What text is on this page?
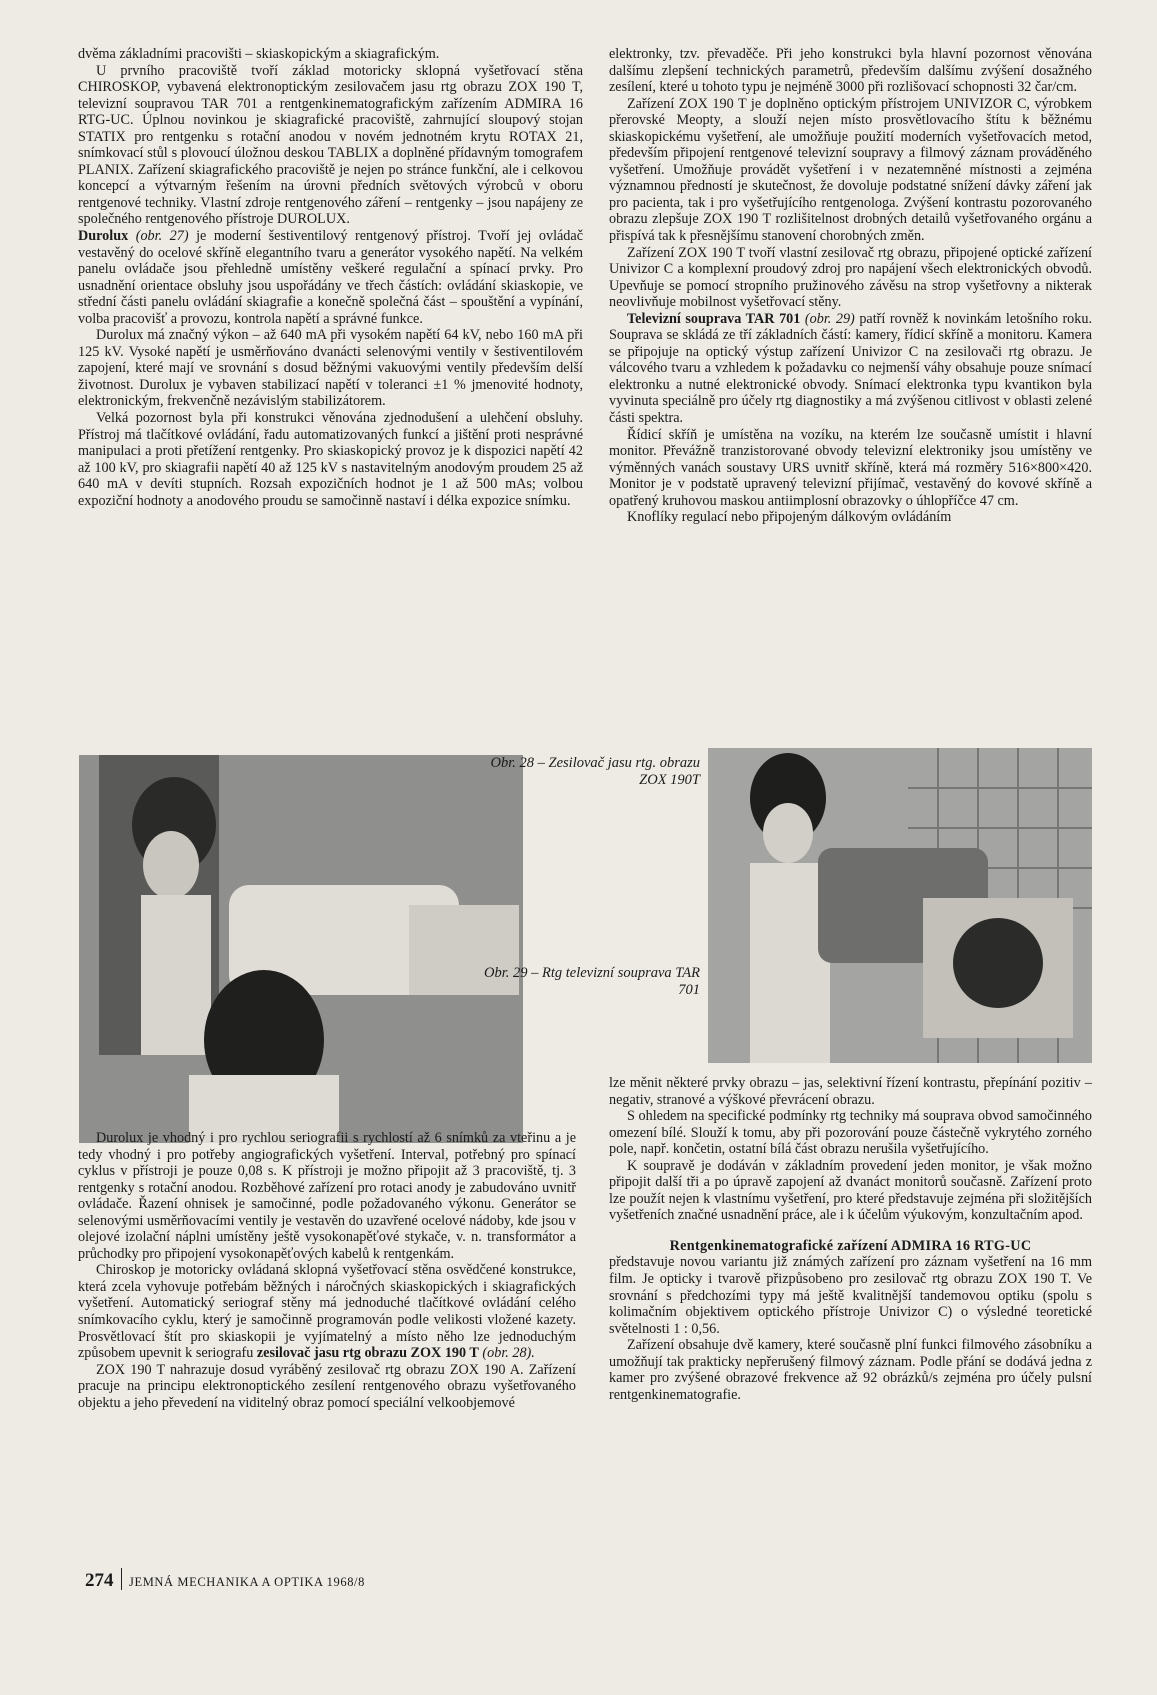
dvěma základními pracovišti – skiaskopickým a skiagrafickým.

U prvního pracoviště tvoří základ motoricky sklopná vyšetřovací stěna CHIROSKOP, vybavená elektronoptickým zesilovačem jasu rtg obrazu ZOX 190 T, televizní soupravou TAR 701 a rentgenkinematografickým zařízením ADMIRA 16 RTG-UC. Úplnou novinkou je skiagrafické pracoviště, zahrnující sloupový stojan STATIX pro rentgenku s rotační anodou v novém jednotném krytu ROTAX 21, snímkovací stůl s plovoucí úložnou deskou TABLIX a doplněné přídavným tomografem PLANIX. Zařízení skiagrafického pracoviště je nejen po stránce funkční, ale i celkovou koncepcí a výtvarným řešením na úrovni předních světových výrobců v oboru rentgenové techniky. Vlastní zdroje rentgenového záření – rentgenky – jsou napájeny ze společného rentgenového přístroje DUROLUX.

Durolux (obr. 27) je moderní šestiventilový rentgenový přístroj. Tvoří jej ovládač vestavěný do ocelové skříně elegantního tvaru a generátor vysokého napětí. Na velkém panelu ovládače jsou přehledně umístěny veškeré regulační a spínací prvky. Pro usnadnění orientace obsluhy jsou uspořádány ve třech částích: ovládání skiaskopie, ve střední části panelu ovládání skiagrafie a konečně společná část – spouštění a vypínání, volba pracovišť a provozu, kontrola napětí a správné funkce.

Durolux má značný výkon – až 640 mA při vysokém napětí 64 kV, nebo 160 mA při 125 kV. Vysoké napětí je usměrňováno dvanácti selenovými ventily v šestiventilovém zapojení, které mají ve srovnání s dosud běžnými vakuovými ventily především delší životnost. Durolux je vybaven stabilizací napětí v toleranci ±1 % jmenovité hodnoty, elektronickým, frekvenčně nezávislým stabilizátorem.

Velká pozornost byla při konstrukci věnována zjednodušení a ulehčení obsluhy. Přístroj má tlačítkové ovládání, řadu automatizovaných funkcí a jištění proti nesprávné manipulaci a proti přetížení rentgenky. Pro skiaskopický provoz je k dispozici napětí 42 až 100 kV, pro skiagrafii napětí 40 až 125 kV s nastavitelným anodovým proudem 25 až 640 mA v devíti stupních. Rozsah expozičních hodnot je 1 až 500 mAs; volbou expoziční hodnoty a anodového proudu se samočinně nastaví i délka expozice snímku.

elektronky, tzv. převaděče. Při jeho konstrukci byla hlavní pozornost věnována dalšímu zlepšení technických parametrů, především dalšímu zvýšení dosažného zesílení, které u tohoto typu je nejméně 3000 při rozlišovací schopnosti 32 čar/cm.

Zařízení ZOX 190 T je doplněno optickým přístrojem UNIVIZOR C, výrobkem přerovské Meopty, a slouží nejen místo prosvětlovacího štítu k běžnému skiaskopickému vyšetření, ale umožňuje použití moderních vyšetřovacích metod, především připojení rentgenové televizní soupravy a filmový záznam prováděného vyšetření. Umožňuje provádět vyšetření i v nezatemněné místnosti a zejména významnou předností je skutečnost, že dovoluje podstatné snížení dávky záření jak pro pacienta, tak i pro vyšetřujícího rentgenologa. Zvýšení kontrastu pozorovaného obrazu zlepšuje ZOX 190 T rozlišitelnost drobných detailů vyšetřovaného orgánu a přispívá tak k přesnějšímu stanovení chorobných změn.

Zařízení ZOX 190 T tvoří vlastní zesilovač rtg obrazu, připojené optické zařízení Univizor C a komplexní proudový zdroj pro napájení všech elektronických obvodů. Upevňuje se pomocí stropního pružinového závěsu na strop vyšetřovny a nikterak neovlivňuje mobilnost vyšetřovací stěny.

Televizní souprava TAR 701 (obr. 29) patří rovněž k novinkám letošního roku. Souprava se skládá ze tří základních částí: kamery, řídicí skříně a monitoru. Kamera se připojuje na optický výstup zařízení Univizor C na zesilovači rtg obrazu. Je válcového tvaru a vzhledem k požadavku co nejmenší váhy obsahuje pouze snímací elektronku a nutné elektronické obvody. Snímací elektronka typu kvantikon byla vyvinuta speciálně pro účely rtg diagnostiky a má zvýšenou citlivost v oblasti zelené části spektra.

Řídicí skříň je umístěna na vozíku, na kterém lze současně umístit i hlavní monitor. Převážně tranzistorované obvody televizní elektroniky jsou umístěny ve výměnných vanách soustavy URS uvnitř skříně, která má rozměry 516×800×420. Monitor je v podstatě upravený televizní přijímač, vestavěný do kovové skříně a opatřený kruhovou maskou antiimplosní obrazovky o úhlopříčce 47 cm.

Knoflíky regulací nebo připojeným dálkovým ovládáním

Obr. 28 – Zesilovač jasu rtg. obrazu ZOX 190T
Obr. 29 – Rtg televizní souprava TAR 701

Durolux je vhodný i pro rychlou seriografii s rychlostí až 6 snímků za vteřinu a je tedy vhodný i pro potřeby angiografických vyšetření. Interval, potřebný pro spínací cyklus v přístroji je pouze 0,08 s. K přístroji je možno připojit až 3 pracoviště, tj. 3 rentgenky s rotační anodou. Rozběhové zařízení pro rotaci anody je zabudováno uvnitř ovládače. Řazení ohnisek je samočinné, podle požadovaného výkonu. Generátor se selenovými usměrňovacími ventily je vestavěn do uzavřené ocelové nádoby, kde jsou v olejové izolační náplni umístěny ještě vysokonapěťové stykače, v. n. transformátor a průchodky pro připojení vysokonapěťových kabelů k rentgenkám.

Chiroskop je motoricky ovládaná sklopná vyšetřovací stěna osvědčené konstrukce, která zcela vyhovuje potřebám běžných i náročných skiaskopických i skiagrafických vyšetření. Automatický seriograf stěny má jednoduché tlačítkové ovládání celého snímkovacího cyklu, který je samočinně programován podle velikosti vložené kazety. Prosvětlovací štít pro skiaskopii je vyjímatelný a místo něho lze jednoduchým způsobem upevnit k seriografu zesilovač jasu rtg obrazu ZOX 190 T (obr. 28).

ZOX 190 T nahrazuje dosud vyráběný zesilovač rtg obrazu ZOX 190 A. Zařízení pracuje na principu elektronoptického zesílení rentgenového obrazu vyšetřovaného objektu a jeho převedení na viditelný obraz pomocí speciální velkoobjemové

lze měnit některé prvky obrazu – jas, selektivní řízení kontrastu, přepínání pozitiv – negativ, stranové a výškové převrácení obrazu.

S ohledem na specifické podmínky rtg techniky má souprava obvod samočinného omezení bílé. Slouží k tomu, aby při pozorování pouze částečně vykrytého zorného pole, např. končetin, ostatní bílá část obrazu nerušila vyšetřujícího.

K soupravě je dodáván v základním provedení jeden monitor, je však možno připojit další tři a po úpravě zapojení až dvanáct monitorů současně. Zařízení proto lze použít nejen k vlastnímu vyšetření, pro které představuje zejména při složitějších vyšetřeních značné usnadnění práce, ale i k účelům výukovým, konzultačním apod.

Rentgenkinematografické zařízení ADMIRA 16 RTG-UC

představuje novou variantu již známých zařízení pro záznam vyšetření na 16 mm film. Je opticky i tvarově přizpůsobeno pro zesilovač rtg obrazu ZOX 190 T. Ve srovnání s předchozími typy má ještě kvalitnější tandemovou optiku (spolu s kolimačním objektivem optického přístroje Univizor C) o výsledné teoretické světelnosti 1 : 0,56.

Zařízení obsahuje dvě kamery, které současně plní funkci filmového zásobníku a umožňují tak prakticky nepřerušený filmový záznam. Podle přání se dodává jedna z kamer pro zvýšené obrazové frekvence až 92 obrázků/s zejména pro účely pulsní rentgenkinematografie.

274 JEMNÁ MECHANIKA A OPTIKA 1968/8
